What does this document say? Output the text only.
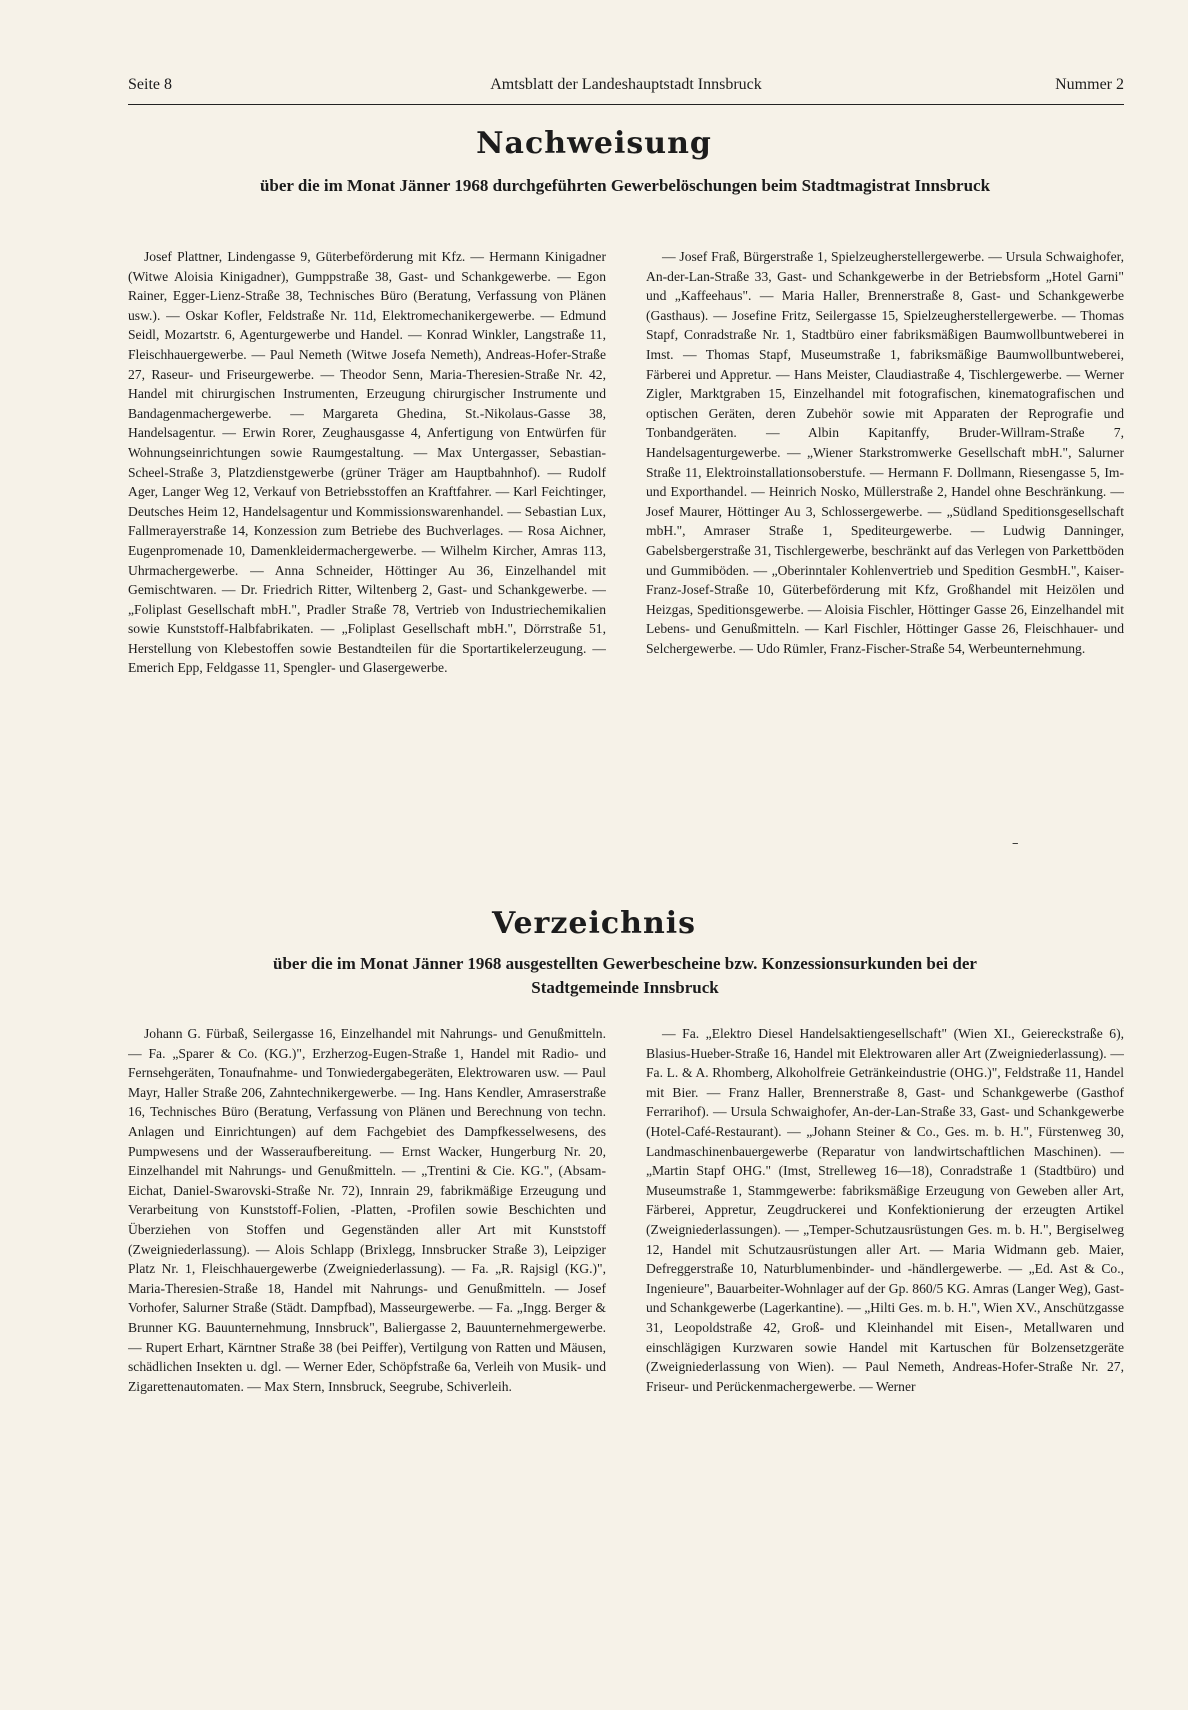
Seite 8	Amtsblatt der Landeshauptstadt Innsbruck	Nummer 2
Nachweisung
über die im Monat Jänner 1968 durchgeführten Gewerbelöschungen beim Stadtmagistrat Innsbruck
Josef Plattner, Lindengasse 9, Güterbeförderung mit Kfz. — Hermann Kinigadner (Witwe Aloisia Kinigadner), Gumppstraße 38, Gast- und Schankgewerbe. — Egon Rainer, Egger-Lienz-Straße 38, Technisches Büro (Beratung, Verfassung von Plänen usw.). — Oskar Kofler, Feldstraße Nr. 11d, Elektromechanikergewerbe. — Edmund Seidl, Mozartstr. 6, Agenturgewerbe und Handel. — Konrad Winkler, Langstraße 11, Fleischhauergewerbe. — Paul Nemeth (Witwe Josefa Nemeth), Andreas-Hofer-Straße 27, Raseur- und Friseurgewerbe. — Theodor Senn, Maria-Theresien-Straße Nr. 42, Handel mit chirurgischen Instrumenten, Erzeugung chirurgischer Instrumente und Bandagenmachergewerbe. — Margareta Ghedina, St.-Nikolaus-Gasse 38, Handelsagentur. — Erwin Rorer, Zeughausgasse 4, Anfertigung von Entwürfen für Wohnungseinrichtungen sowie Raumgestaltung. — Max Untergasser, Sebastian-Scheel-Straße 3, Platzdienstgewerbe (grüner Träger am Hauptbahnhof). — Rudolf Ager, Langer Weg 12, Verkauf von Betriebsstoffen an Kraftfahrer. — Karl Feichtinger, Deutsches Heim 12, Handelsagentur und Kommissionswarenhandel. — Sebastian Lux, Fallmerayerstraße 14, Konzession zum Betriebe des Buchverlages. — Rosa Aichner, Eugenpromenade 10, Damenkleidermachergewerbe. — Wilhelm Kircher, Amras 113, Uhrmachergewerbe. — Anna Schneider, Höttinger Au 36, Einzelhandel mit Gemischtwaren. — Dr. Friedrich Ritter, Wiltenberg 2, Gast- und Schankgewerbe. — „Foliplast Gesellschaft mbH.", Pradler Straße 78, Vertrieb von Industriechemikalien sowie Kunststoff-Halbfabrikaten. — „Foliplast Gesellschaft mbH.", Dörrstraße 51, Herstellung von Klebestoffen sowie Bestandteilen für die Sportartikelerzeugung. — Emerich Epp, Feldgasse 11, Spengler- und Glasergewerbe.
— Josef Fraß, Bürgerstraße 1, Spielzeugherstellergewerbe. — Ursula Schwaighofer, An-der-Lan-Straße 33, Gast- und Schankgewerbe in der Betriebsform „Hotel Garni" und „Kaffeehaus". — Maria Haller, Brennerstraße 8, Gast- und Schankgewerbe (Gasthaus). — Josefine Fritz, Seilergasse 15, Spielzeugherstellergewerbe. — Thomas Stapf, Conradstraße Nr. 1, Stadtbüro einer fabriksmäßigen Baumwollbuntweberei in Imst. — Thomas Stapf, Museumstraße 1, fabriksmäßige Baumwollbuntweberei, Färberei und Appretur. — Hans Meister, Claudiastraße 4, Tischlergewerbe. — Werner Zigler, Marktgraben 15, Einzelhandel mit fotografischen, kinematografischen und optischen Geräten, deren Zubehör sowie mit Apparaten der Reprografie und Tonbandgeräten. — Albin Kapitanffy, Bruder-Willram-Straße 7, Handelsagenturgewerbe. — „Wiener Starkstromwerke Gesellschaft mbH.", Salurner Straße 11, Elektroinstallationsoberstufe. — Hermann F. Dollmann, Riesengasse 5, Im- und Exporthandel. — Heinrich Nosko, Müllerstraße 2, Handel ohne Beschränkung. — Josef Maurer, Höttinger Au 3, Schlossergewerbe. — „Südland Speditionsgesellschaft mbH.", Amraser Straße 1, Spediteurgewerbe. — Ludwig Danninger, Gabelsbergerstraße 31, Tischlergewerbe, beschränkt auf das Verlegen von Parkettböden und Gummiböden. — „Oberinntaler Kohlenvertrieb und Spedition GesmbH.", Kaiser-Franz-Josef-Straße 10, Güterbeförderung mit Kfz, Großhandel mit Heizölen und Heizgas, Speditionsgewerbe. — Aloisia Fischler, Höttinger Gasse 26, Einzelhandel mit Lebens- und Genußmitteln. — Karl Fischler, Höttinger Gasse 26, Fleischhauer- und Selchergewerbe. — Udo Rümler, Franz-Fischer-Straße 54, Werbeunternehmung.
–
Verzeichnis
über die im Monat Jänner 1968 ausgestellten Gewerbescheine bzw. Konzessionsurkunden bei der Stadtgemeinde Innsbruck
Johann G. Fürbaß, Seilergasse 16, Einzelhandel mit Nahrungs- und Genußmitteln. — Fa. „Sparer & Co. (KG.)", Erzherzog-Eugen-Straße 1, Handel mit Radio- und Fernsehgeräten, Tonaufnahme- und Tonwiedergabegeräten, Elektrowaren usw. — Paul Mayr, Haller Straße 206, Zahntechnikergewerbe. — Ing. Hans Kendler, Amraserstraße 16, Technisches Büro (Beratung, Verfassung von Plänen und Berechnung von techn. Anlagen und Einrichtungen) auf dem Fachgebiet des Dampfkesselwesens, des Pumpwesens und der Wasseraufbereitung. — Ernst Wacker, Hungerburg Nr. 20, Einzelhandel mit Nahrungs- und Genußmitteln. — „Trentini & Cie. KG.", (Absam-Eichat, Daniel-Swarovski-Straße Nr. 72), Innrain 29, fabrikmäßige Erzeugung und Verarbeitung von Kunststoff-Folien, -Platten, -Profilen sowie Beschichten und Überziehen von Stoffen und Gegenständen aller Art mit Kunststoff (Zweigniederlassung). — Alois Schlapp (Brixlegg, Innsbrucker Straße 3), Leipziger Platz Nr. 1, Fleischhauergewerbe (Zweigniederlassung). — Fa. „R. Rajsigl (KG.)", Maria-Theresien-Straße 18, Handel mit Nahrungs- und Genußmitteln. — Josef Vorhofer, Salurner Straße (Städt. Dampfbad), Masseurgewerbe. — Fa. „Ingg. Berger & Brunner KG. Bauunternehmung, Innsbruck", Baliergasse 2, Bauunternehmergewerbe. — Rupert Erhart, Kärntner Straße 38 (bei Peiffer), Vertilgung von Ratten und Mäusen, schädlichen Insekten u. dgl. — Werner Eder, Schöpfstraße 6a, Verleih von Musik- und Zigarettenautomaten. — Max Stern, Innsbruck, Seegrube, Schiverleih.
— Fa. „Elektro Diesel Handelsaktiengesellschaft" (Wien XI., Geiereckstraße 6), Blasius-Hueber-Straße 16, Handel mit Elektrowaren aller Art (Zweigniederlassung). — Fa. L. & A. Rhomberg, Alkoholfreie Getränkeindustrie (OHG.)", Feldstraße 11, Handel mit Bier. — Franz Haller, Brennerstraße 8, Gast- und Schankgewerbe (Gasthof Ferrarihof). — Ursula Schwaighofer, An-der-Lan-Straße 33, Gast- und Schankgewerbe (Hotel-Café-Restaurant). — „Johann Steiner & Co., Ges. m. b. H.", Fürstenweg 30, Landmaschinenbauergewerbe (Reparatur von landwirtschaftlichen Maschinen). — „Martin Stapf OHG." (Imst, Strelleweg 16—18), Conradstraße 1 (Stadtbüro) und Museumstraße 1, Stammgewerbe: fabriksmäßige Erzeugung von Geweben aller Art, Färberei, Appretur, Zeugdruckerei und Konfektionierung der erzeugten Artikel (Zweigniederlassungen). — „Temper-Schutzausrüstungen Ges. m. b. H.", Bergiselweg 12, Handel mit Schutzausrüstungen aller Art. — Maria Widmann geb. Maier, Defreggerstraße 10, Naturblumenbinder- und -händlergewerbe. — „Ed. Ast & Co., Ingenieure", Bauarbeiter-Wohnlager auf der Gp. 860/5 KG. Amras (Langer Weg), Gast- und Schankgewerbe (Lagerkantine). — „Hilti Ges. m. b. H.", Wien XV., Anschützgasse 31, Leopoldstraße 42, Groß- und Kleinhandel mit Eisen-, Metallwaren und einschlägigen Kurzwaren sowie Handel mit Kartuschen für Bolzensetzgeräte (Zweigniederlassung von Wien). — Paul Nemeth, Andreas-Hofer-Straße Nr. 27, Friseur- und Perückenmachergewerbe. — Werner
